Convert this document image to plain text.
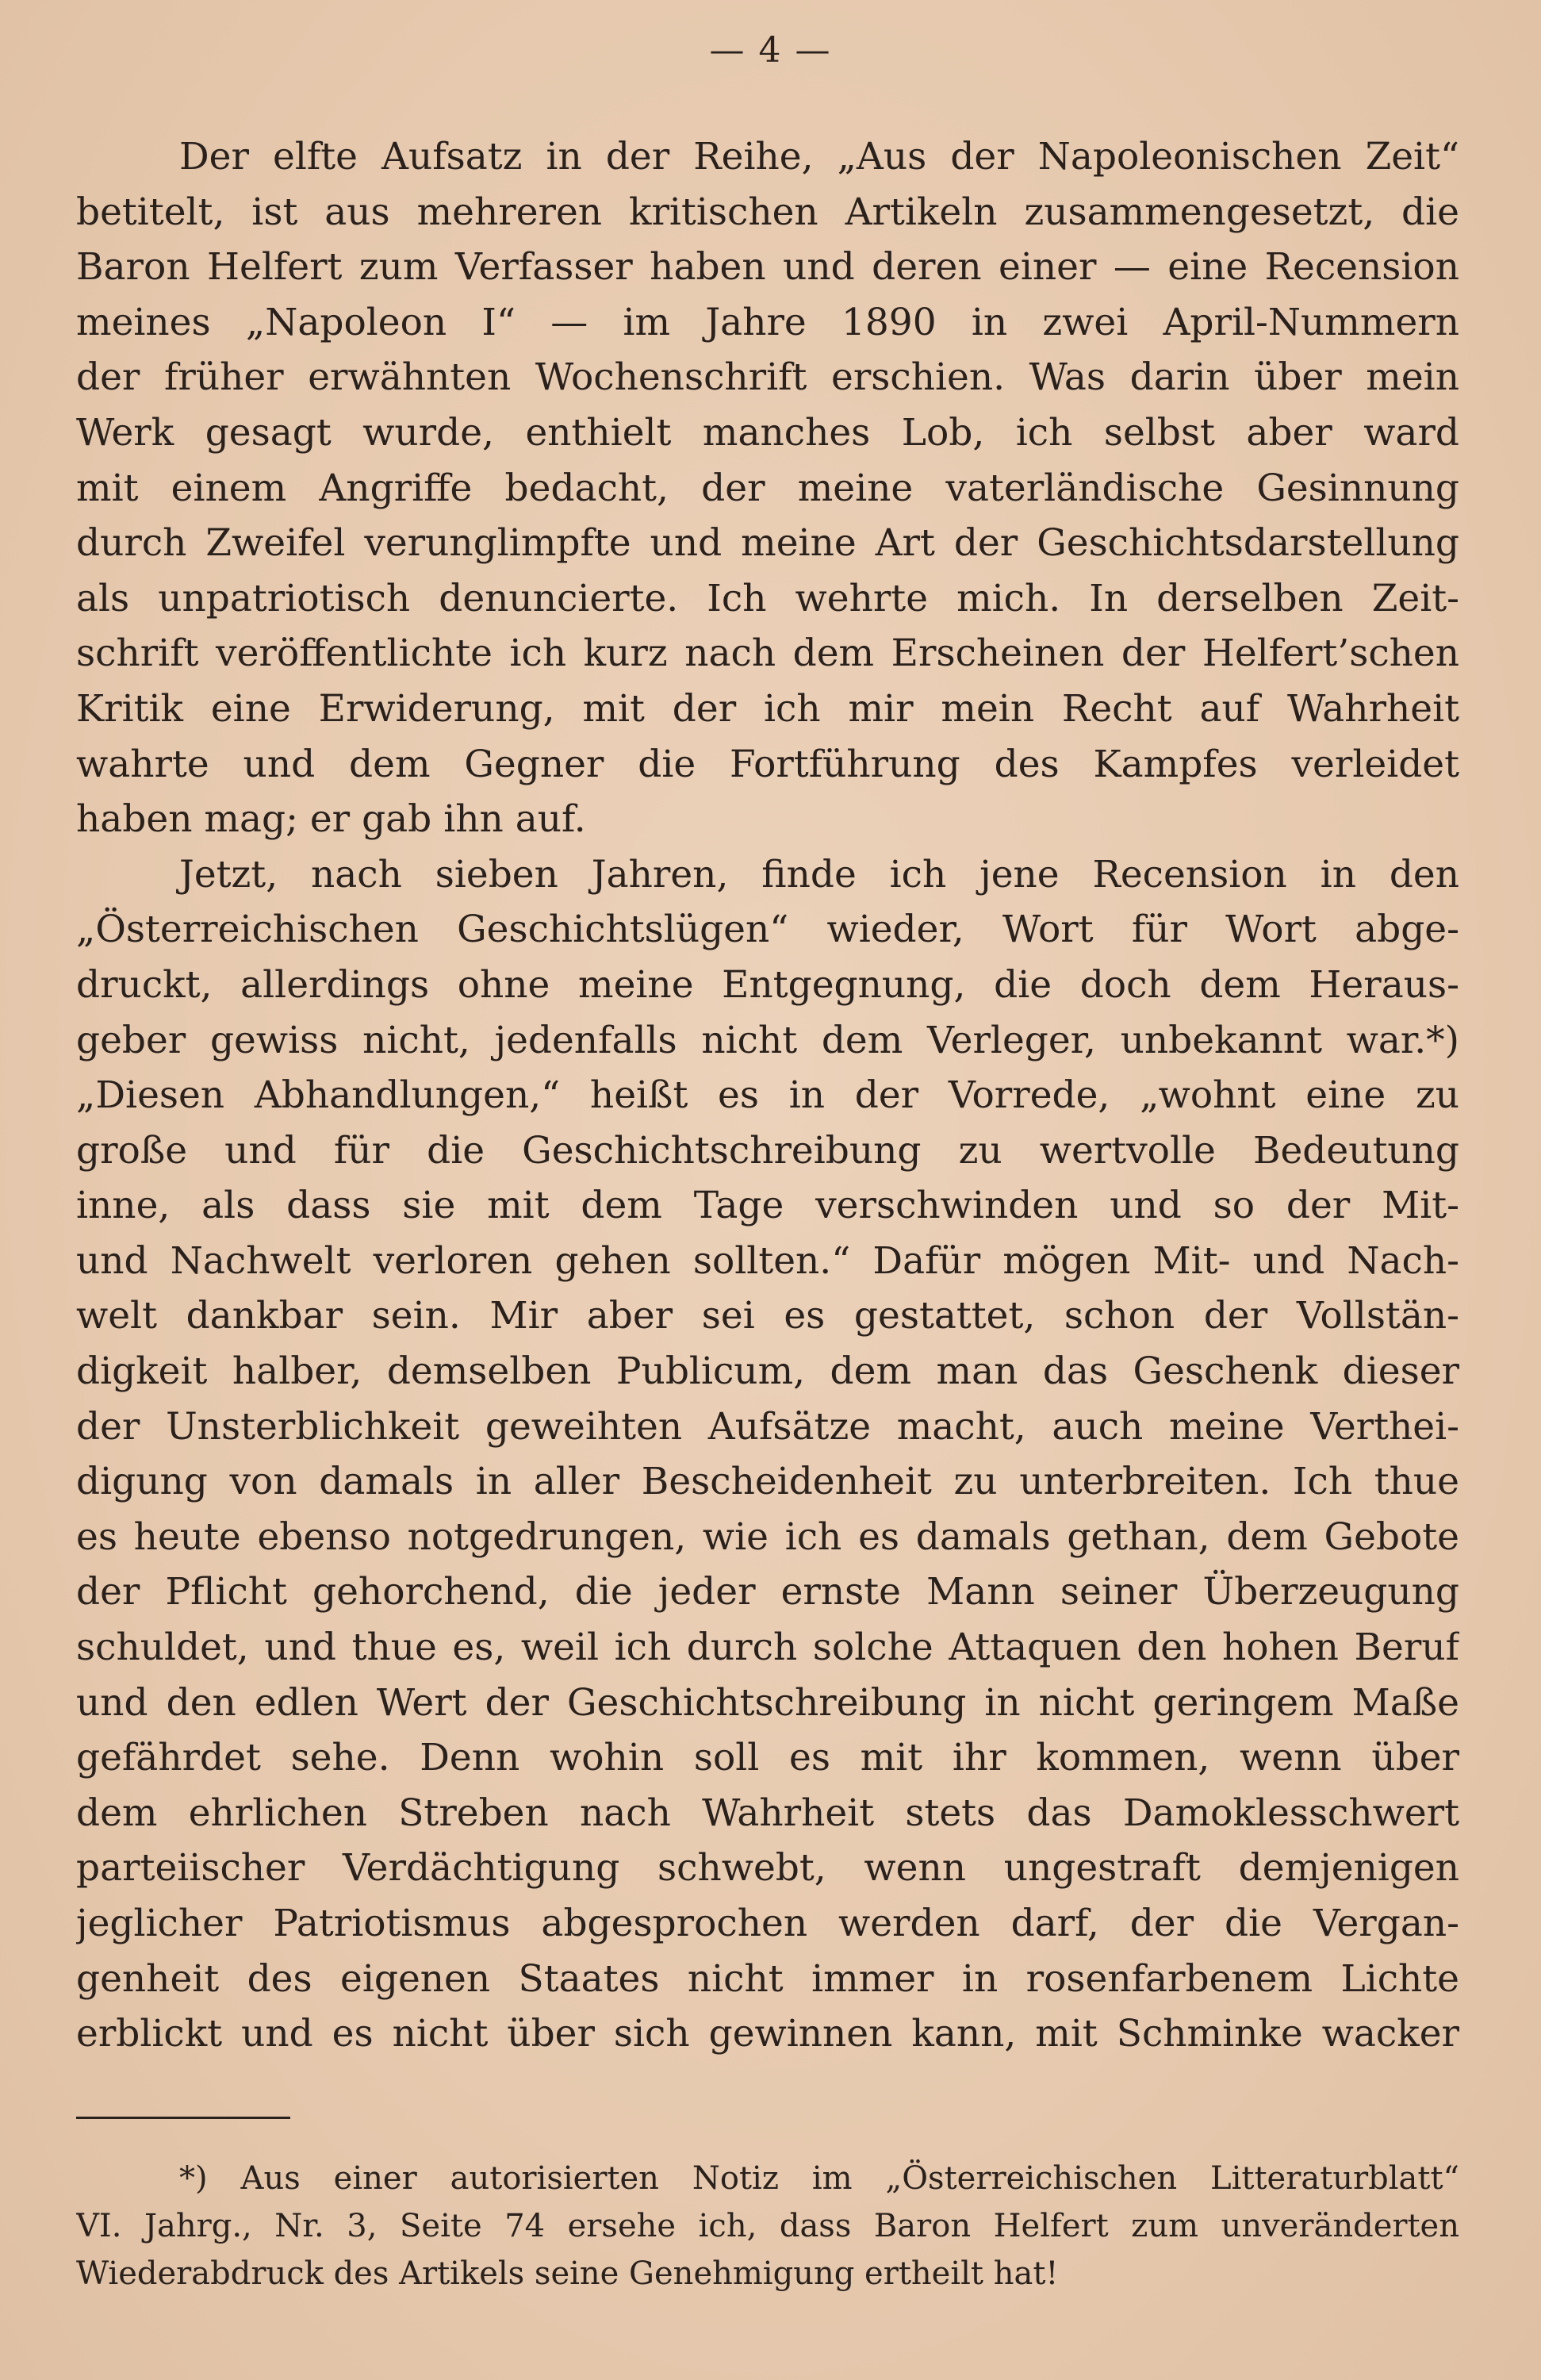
— 4 —
Der elfte Aufsatz in der Reihe, „Aus der Napoleonischen Zeit“
betitelt, ist aus mehreren kritischen Artikeln zusammengesetzt, die
Baron Helfert zum Verfasser haben und deren einer — eine Recension
meines „Napoleon I“ — im Jahre 1890 in zwei April-Nummern
der früher erwähnten Wochenschrift erschien. Was darin über mein
Werk gesagt wurde, enthielt manches Lob, ich selbst aber ward
mit einem Angriffe bedacht, der meine vaterländische Gesinnung
durch Zweifel verunglimpfte und meine Art der Geschichtsdarstellung
als unpatriotisch denuncierte. Ich wehrte mich. In derselben Zeit-
schrift veröffentlichte ich kurz nach dem Erscheinen der Helfert’schen
Kritik eine Erwiderung, mit der ich mir mein Recht auf Wahrheit
wahrte und dem Gegner die Fortführung des Kampfes verleidet
haben mag; er gab ihn auf.
Jetzt, nach sieben Jahren, finde ich jene Recension in den
„Österreichischen Geschichtslügen“ wieder, Wort für Wort abge-
druckt, allerdings ohne meine Entgegnung, die doch dem Heraus-
geber gewiss nicht, jedenfalls nicht dem Verleger, unbekannt war.*)
„Diesen Abhandlungen,“ heißt es in der Vorrede, „wohnt eine zu
große und für die Geschichtschreibung zu wertvolle Bedeutung
inne, als dass sie mit dem Tage verschwinden und so der Mit-
und Nachwelt verloren gehen sollten.“ Dafür mögen Mit- und Nach-
welt dankbar sein. Mir aber sei es gestattet, schon der Vollstän-
digkeit halber, demselben Publicum, dem man das Geschenk dieser
der Unsterblichkeit geweihten Aufsätze macht, auch meine Verthei-
digung von damals in aller Bescheidenheit zu unterbreiten. Ich thue
es heute ebenso notgedrungen, wie ich es damals gethan, dem Gebote
der Pflicht gehorchend, die jeder ernste Mann seiner Überzeugung
schuldet, und thue es, weil ich durch solche Attaquen den hohen Beruf
und den edlen Wert der Geschichtschreibung in nicht geringem Maße
gefährdet sehe. Denn wohin soll es mit ihr kommen, wenn über
dem ehrlichen Streben nach Wahrheit stets das Damoklesschwert
parteiischer Verdächtigung schwebt, wenn ungestraft demjenigen
jeglicher Patriotismus abgesprochen werden darf, der die Vergan-
genheit des eigenen Staates nicht immer in rosenfarbenem Lichte
erblickt und es nicht über sich gewinnen kann, mit Schminke wacker
*) Aus einer autorisierten Notiz im „Österreichischen Litteraturblatt“
VI. Jahrg., Nr. 3, Seite 74 ersehe ich, dass Baron Helfert zum unveränderten
Wiederabdruck des Artikels seine Genehmigung ertheilt hat!
